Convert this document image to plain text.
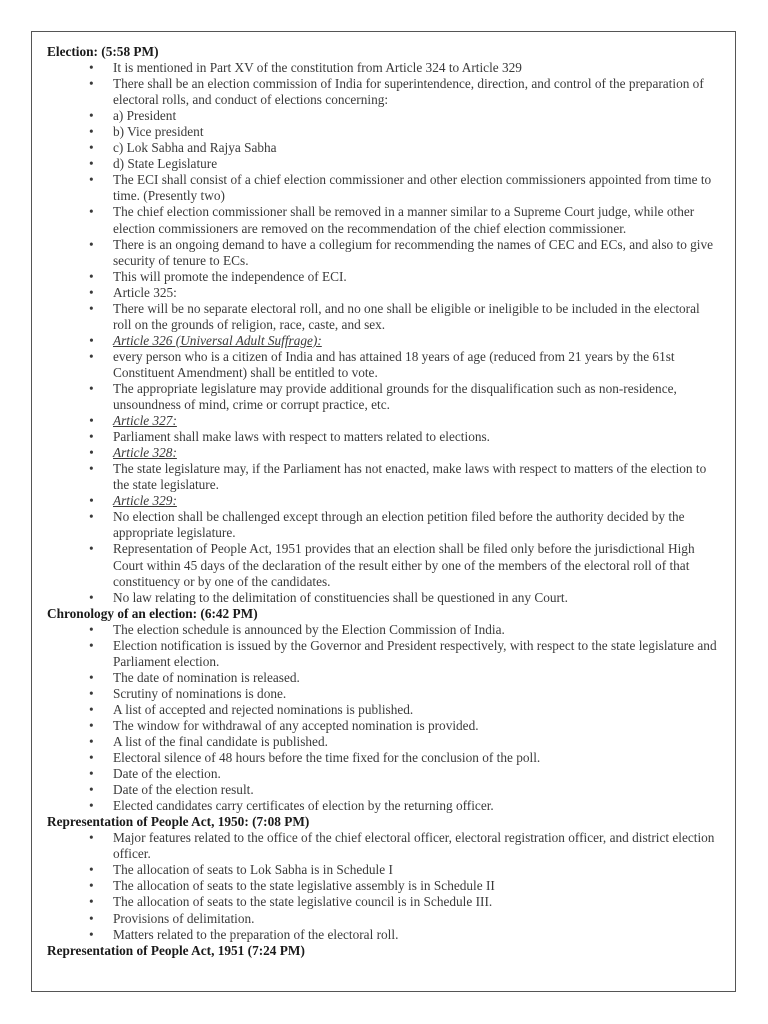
Election: (5:58 PM)
• It is mentioned in Part XV of the constitution from Article 324 to Article 329
• There shall be an election commission of India for superintendence, direction, and control of the preparation of electoral rolls, and conduct of elections concerning:
• a) President
• b) Vice president
• c) Lok Sabha and Rajya Sabha
• d) State Legislature
• The ECI shall consist of a chief election commissioner and other election commissioners appointed from time to time. (Presently two)
• The chief election commissioner shall be removed in a manner similar to a Supreme Court judge, while other election commissioners are removed on the recommendation of the chief election commissioner.
• There is an ongoing demand to have a collegium for recommending the names of CEC and ECs, and also to give security of tenure to ECs.
• This will promote the independence of ECI.
• Article 325:
• There will be no separate electoral roll, and no one shall be eligible or ineligible to be included in the electoral roll on the grounds of religion, race, caste, and sex.
• Article 326 (Universal Adult Suffrage):
• every person who is a citizen of India and has attained 18 years of age (reduced from 21 years by the 61st Constituent Amendment) shall be entitled to vote.
• The appropriate legislature may provide additional grounds for the disqualification such as non-residence, unsoundness of mind, crime or corrupt practice, etc.
• Article 327:
• Parliament shall make laws with respect to matters related to elections.
• Article 328:
• The state legislature may, if the Parliament has not enacted, make laws with respect to matters of the election to the state legislature.
• Article 329:
• No election shall be challenged except through an election petition filed before the authority decided by the appropriate legislature.
• Representation of People Act, 1951 provides that an election shall be filed only before the jurisdictional High Court within 45 days of the declaration of the result either by one of the members of the electoral roll of that constituency or by one of the candidates.
• No law relating to the delimitation of constituencies shall be questioned in any Court.
Chronology of an election: (6:42 PM)
• The election schedule is announced by the Election Commission of India.
• Election notification is issued by the Governor and President respectively, with respect to the state legislature and Parliament election.
• The date of nomination is released.
• Scrutiny of nominations is done.
• A list of accepted and rejected nominations is published.
• The window for withdrawal of any accepted nomination is provided.
• A list of the final candidate is published.
• Electoral silence of 48 hours before the time fixed for the conclusion of the poll.
• Date of the election.
• Date of the election result.
• Elected candidates carry certificates of election by the returning officer.
Representation of People Act, 1950: (7:08 PM)
• Major features related to the office of the chief electoral officer, electoral registration officer, and district election officer.
• The allocation of seats to Lok Sabha is in Schedule I
• The allocation of seats to the state legislative assembly is in Schedule II
• The allocation of seats to the state legislative council is in Schedule III.
• Provisions of delimitation.
• Matters related to the preparation of the electoral roll.
Representation of People Act, 1951 (7:24 PM)
